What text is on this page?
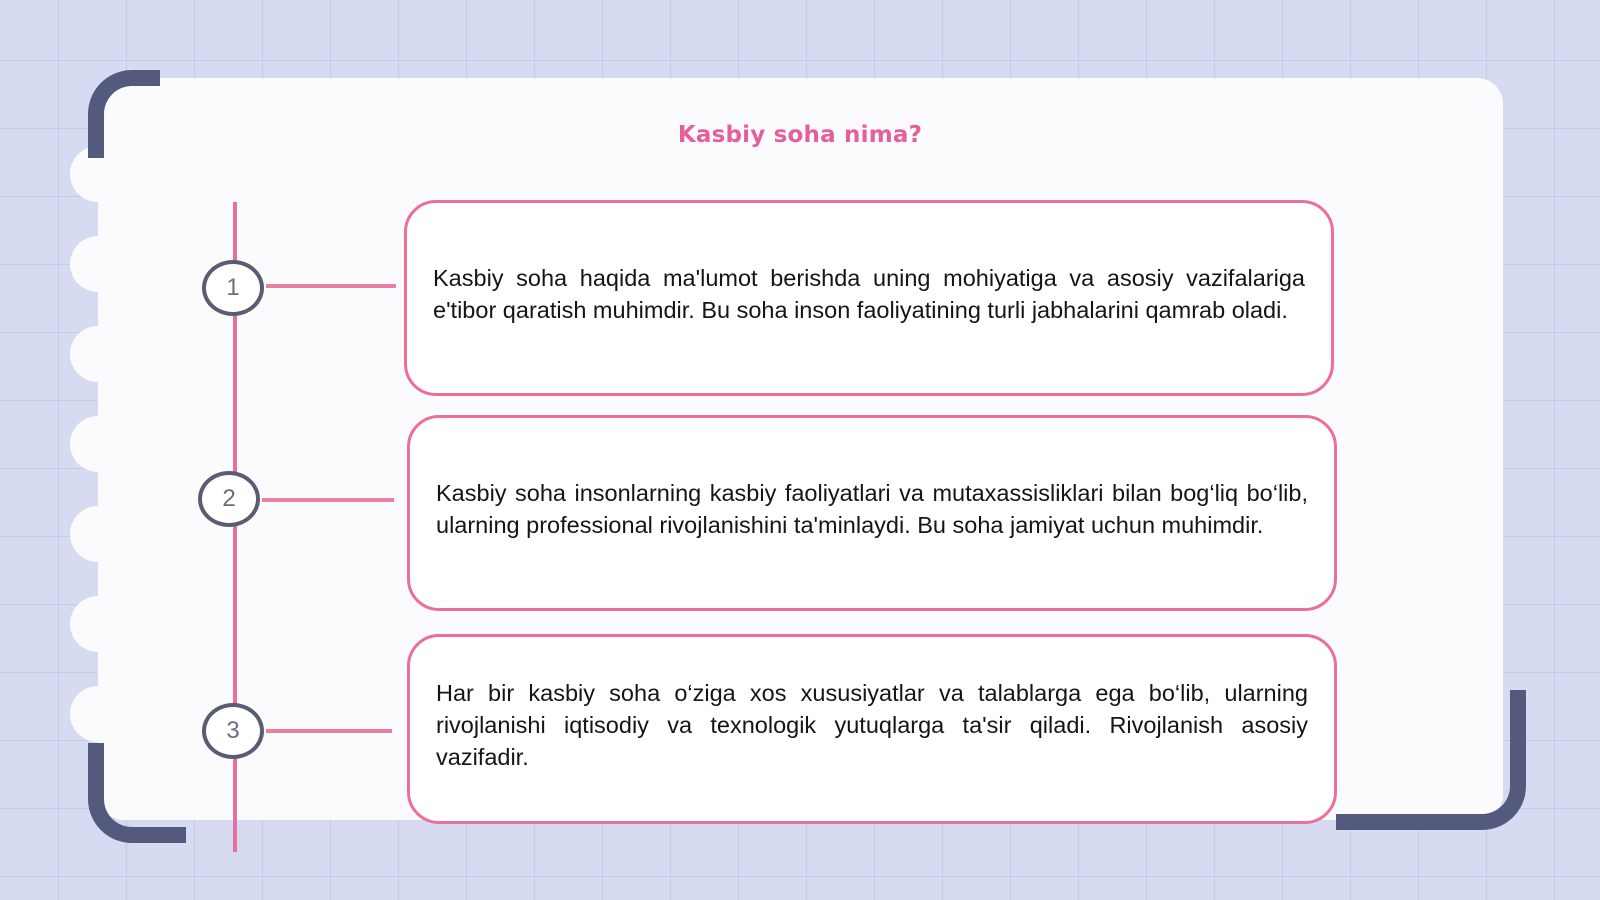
Kasbiy soha nima?
1	Kasbiy soha haqida ma'lumot berishda uning mohiyatiga va asosiy vazifalariga e'tibor qaratish muhimdir. Bu soha inson faoliyatining turli jabhalarini qamrab oladi.

2	Kasbiy soha insonlarning kasbiy faoliyatlari va mutaxassisliklari bilan bog‘liq bo‘lib, ularning professional rivojlanishini ta'minlaydi. Bu soha jamiyat uchun muhimdir.

3

Har bir kasbiy soha o‘ziga xos xususiyatlar va talablarga ega bo‘lib, ularning rivojlanishi iqtisodiy va texnologik yutuqlarga ta'sir qiladi. Rivojlanish asosiy vazifadir.
